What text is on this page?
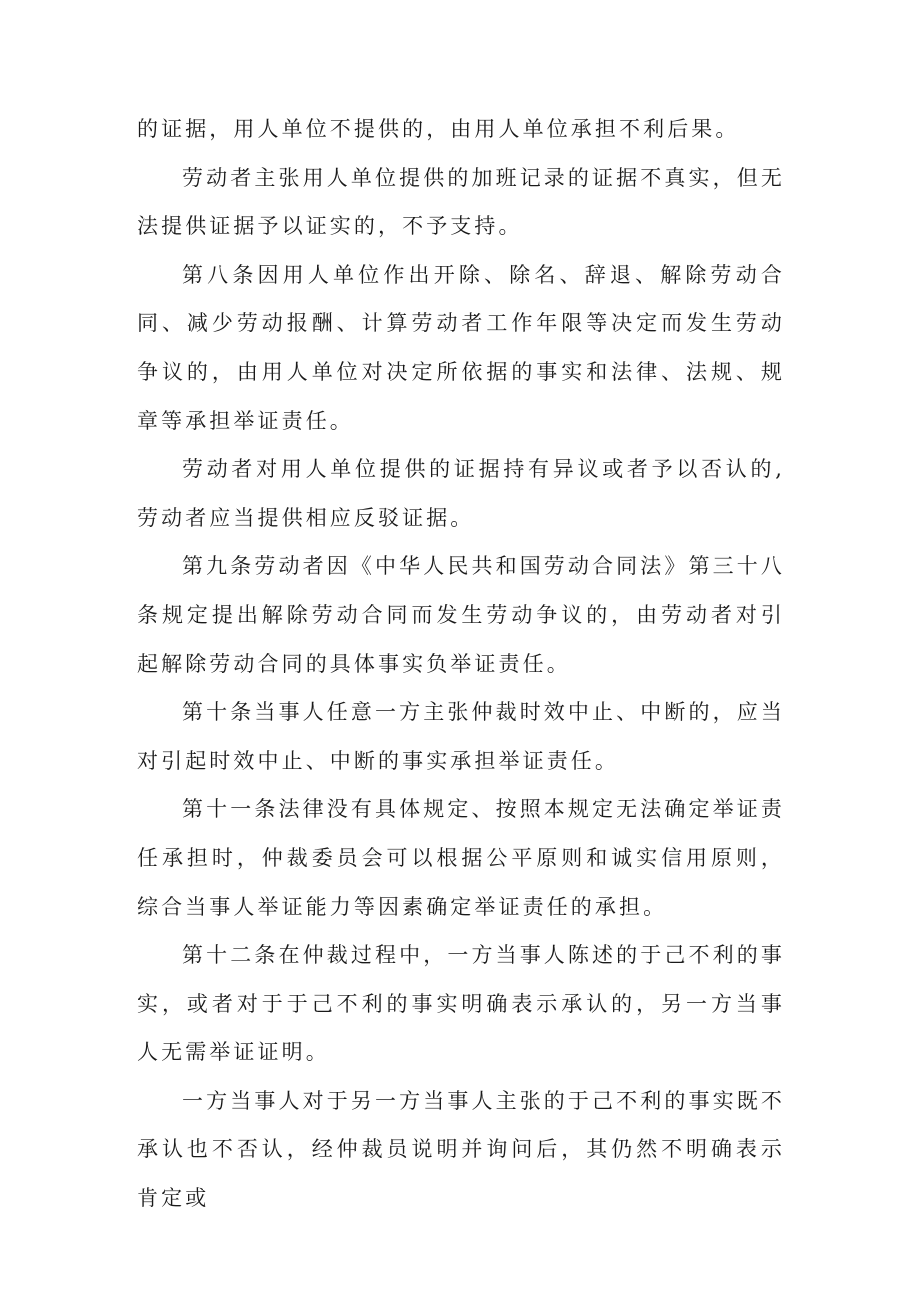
的证据，用人单位不提供的，由用人单位承担不利后果。

劳动者主张用人单位提供的加班记录的证据不真实，但无法提供证据予以证实的，不予支持。

第八条因用人单位作出开除、除名、辞退、解除劳动合同、减少劳动报酬、计算劳动者工作年限等决定而发生劳动争议的，由用人单位对决定所依据的事实和法律、法规、规章等承担举证责任。

劳动者对用人单位提供的证据持有异议或者予以否认的,劳动者应当提供相应反驳证据。

第九条劳动者因《中华人民共和国劳动合同法》第三十八条规定提出解除劳动合同而发生劳动争议的，由劳动者对引起解除劳动合同的具体事实负举证责任。

第十条当事人任意一方主张仲裁时效中止、中断的，应当对引起时效中止、中断的事实承担举证责任。

第十一条法律没有具体规定、按照本规定无法确定举证责任承担时，仲裁委员会可以根据公平原则和诚实信用原则，综合当事人举证能力等因素确定举证责任的承担。

第十二条在仲裁过程中，一方当事人陈述的于己不利的事实，或者对于于己不利的事实明确表示承认的，另一方当事人无需举证证明。

一方当事人对于另一方当事人主张的于己不利的事实既不承认也不否认，经仲裁员说明并询问后，其仍然不明确表示肯定或
